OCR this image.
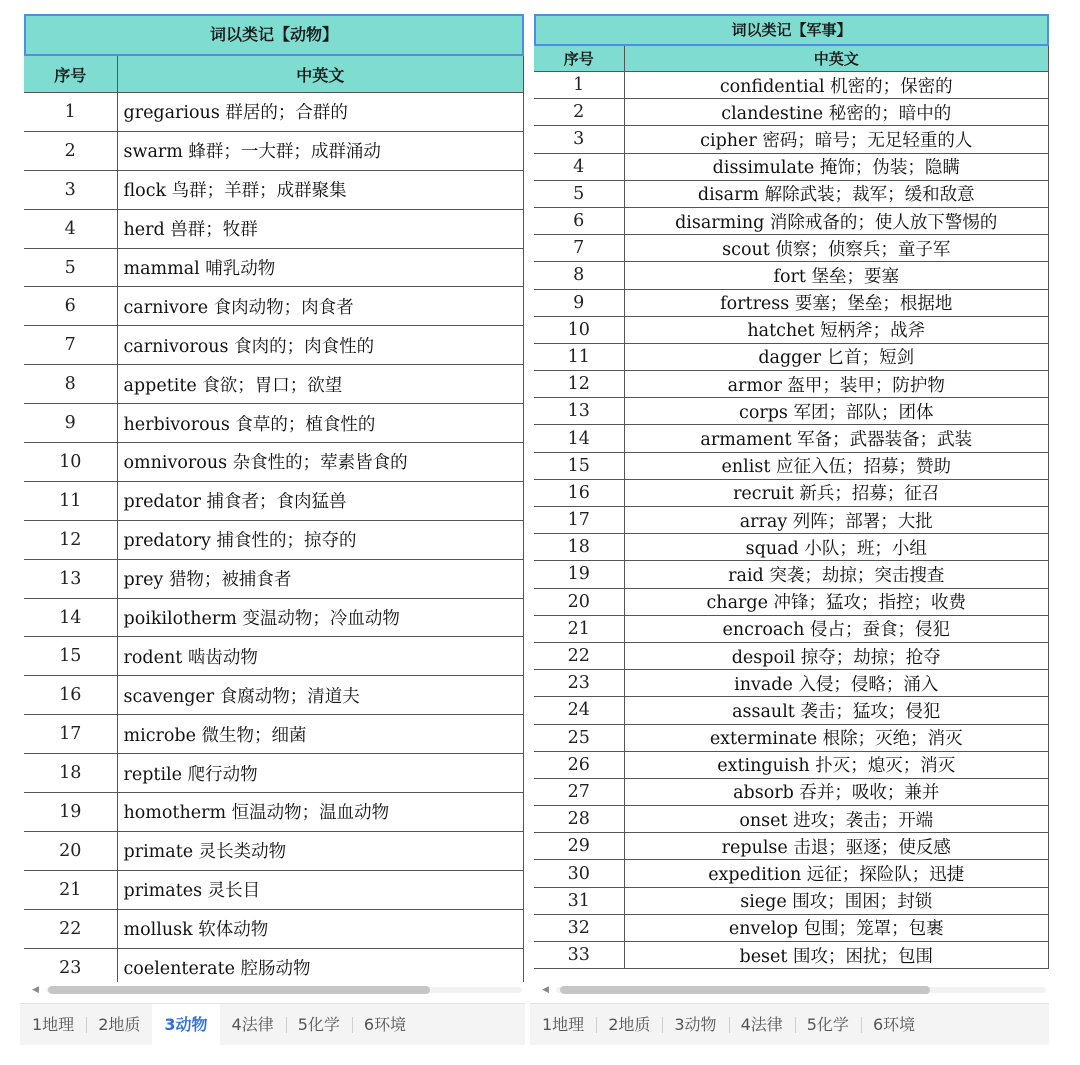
词以类记【动物】
序号	中英文
1	gregarious 群居的；合群的
2	swarm 蜂群；一大群；成群涌动
3	flock 鸟群；羊群；成群聚集
4	herd 兽群；牧群
5	mammal 哺乳动物
6	carnivore 食肉动物；肉食者
7	carnivorous 食肉的；肉食性的
8	appetite 食欲；胃口；欲望
9	herbivorous 食草的；植食性的
10	omnivorous 杂食性的；荤素皆食的
11	predator 捕食者；食肉猛兽
12	predatory 捕食性的；掠夺的
13	prey 猎物；被捕食者
14	poikilotherm 变温动物；冷血动物
15	rodent 啮齿动物
16	scavenger 食腐动物；清道夫
17	microbe 微生物；细菌
18	reptile 爬行动物
19	homotherm 恒温动物；温血动物
20	primate 灵长类动物
21	primates 灵长目
22	mollusk 软体动物
23	coelenterate 腔肠动物
◀
词以类记【军事】
序号	中英文
1	confidential 机密的；保密的
2	clandestine 秘密的；暗中的
3	cipher 密码；暗号；无足轻重的人
4	dissimulate 掩饰；伪装；隐瞒
5	disarm 解除武装；裁军；缓和敌意
6	disarming 消除戒备的；使人放下警惕的
7	scout 侦察；侦察兵；童子军
8	fort 堡垒；要塞
9	fortress 要塞；堡垒；根据地
10	hatchet 短柄斧；战斧
11	dagger 匕首；短剑
12	armor 盔甲；装甲；防护物
13	corps 军团；部队；团体
14	armament 军备；武器装备；武装
15	enlist 应征入伍；招募；赞助
16	recruit 新兵；招募；征召
17	array 列阵；部署；大批
18	squad 小队；班；小组
19	raid 突袭；劫掠；突击搜查
20	charge 冲锋；猛攻；指控；收费
21	encroach 侵占；蚕食；侵犯
22	despoil 掠夺；劫掠；抢夺
23	invade 入侵；侵略；涌入
24	assault 袭击；猛攻；侵犯
25	exterminate 根除；灭绝；消灭
26	extinguish 扑灭；熄灭；消灭
27	absorb 吞并；吸收；兼并
28	onset 进攻；袭击；开端
29	repulse 击退；驱逐；使反感
30	expedition 远征；探险队；迅捷
31	siege 围攻；围困；封锁
32	envelop 包围；笼罩；包裹
33	beset 围攻；困扰；包围
◀
1地理	2地质	3动物	4法律	5化学	6环境	1地理	2地质	3动物	4法律	5化学	6环境
